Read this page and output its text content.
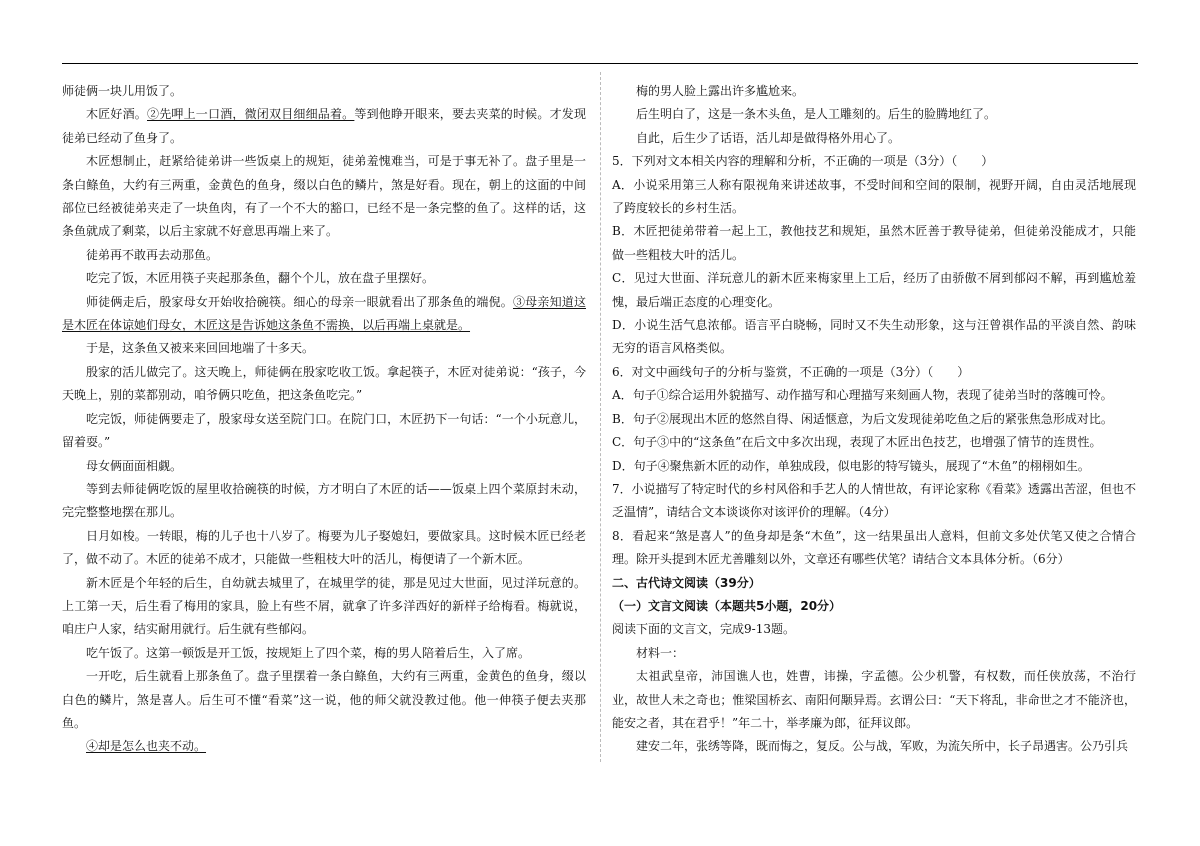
师徒俩一块儿用饭了。

木匠好酒。②先呷上一口酒，微闭双目细细品着。等到他睁开眼来，要去夹菜的时候。才发现徒弟已经动了鱼身了。

木匠想制止，赶紧给徒弟讲一些饭桌上的规矩，徒弟羞愧难当，可是于事无补了。盘子里是一条白鲦鱼，大约有三两重，金黄色的鱼身，缀以白色的鳞片，煞是好看。现在，朝上的这面的中间部位已经被徒弟夹走了一块鱼肉，有了一个不大的豁口，已经不是一条完整的鱼了。这样的话，这条鱼就成了剩菜，以后主家就不好意思再端上来了。

徒弟再不敢再去动那鱼。

吃完了饭，木匠用筷子夹起那条鱼，翻个个儿，放在盘子里摆好。

师徒俩走后，殷家母女开始收拾碗筷。细心的母亲一眼就看出了那条鱼的端倪。③母亲知道这是木匠在体谅她们母女，木匠这是告诉她这条鱼不需换，以后再端上桌就是。

于是，这条鱼又被来来回回地端了十多天。

殷家的活儿做完了。这天晚上，师徒俩在殷家吃收工饭。拿起筷子，木匠对徒弟说：“孩子，今天晚上，别的菜都别动，咱爷俩只吃鱼，把这条鱼吃完。”

吃完饭，师徒俩要走了，殷家母女送至院门口。在院门口，木匠扔下一句话：“一个小玩意儿，留着耍。”

母女俩面面相觑。

等到去师徒俩吃饭的屋里收拾碗筷的时候，方才明白了木匠的话——饭桌上四个菜原封未动，完完整整地摆在那儿。

日月如梭。一转眼，梅的儿子也十八岁了。梅要为儿子娶媳妇，要做家具。这时候木匠已经老了，做不动了。木匠的徒弟不成才，只能做一些粗枝大叶的活儿，梅便请了一个新木匠。

新木匠是个年轻的后生，自幼就去城里了，在城里学的徒，那是见过大世面，见过洋玩意的。上工第一天，后生看了梅用的家具，脸上有些不屑，就拿了许多洋西好的新样子给梅看。梅就说，咱庄户人家，结实耐用就行。后生就有些郁闷。

吃午饭了。这第一顿饭是开工饭，按规矩上了四个菜，梅的男人陪着后生，入了席。

一开吃，后生就看上那条鱼了。盘子里摆着一条白鲦鱼，大约有三两重，金黄色的鱼身，缀以白色的鳞片，煞是喜人。后生可不懂“看菜”这一说，他的师父就没教过他。他一伸筷子便去夹那鱼。

④却是怎么也夹不动。

梅的男人脸上露出许多尴尬来。

后生明白了，这是一条木头鱼，是人工雕刻的。后生的脸腾地红了。

自此，后生少了话语，活儿却是做得格外用心了。

5．下列对文本相关内容的理解和分析，不正确的一项是（3分）（　　）

A．小说采用第三人称有限视角来讲述故事，不受时间和空间的限制，视野开阔，自由灵活地展现了跨度较长的乡村生活。

B．木匠把徒弟带着一起上工，教他技艺和规矩，虽然木匠善于教导徒弟，但徒弟没能成才，只能做一些粗枝大叶的活儿。

C．见过大世面、洋玩意儿的新木匠来梅家里上工后，经历了由骄傲不屑到郁闷不解，再到尴尬羞愧，最后端正态度的心理变化。

D．小说生活气息浓郁。语言平白晓畅，同时又不失生动形象，这与汪曾祺作品的平淡自然、韵味无穷的语言风格类似。

6．对文中画线句子的分析与鉴赏，不正确的一项是（3分）（　　）

A．句子①综合运用外貌描写、动作描写和心理描写来刻画人物，表现了徒弟当时的落魄可怜。

B．句子②展现出木匠的悠然自得、闲适惬意，为后文发现徒弟吃鱼之后的紧张焦急形成对比。

C．句子③中的“这条鱼”在后文中多次出现，表现了木匠出色技艺，也增强了情节的连贯性。

D．句子④聚焦新木匠的动作，单独成段，似电影的特写镜头，展现了“木鱼”的栩栩如生。

7．小说描写了特定时代的乡村风俗和手艺人的人情世故，有评论家称《看菜》透露出苦涩，但也不乏温情”，请结合文本谈谈你对该评价的理解。（4分）

8．看起来“煞是喜人”的鱼身却是条“木鱼”，这一结果虽出人意料，但前文多处伏笔又使之合情合理。除开头提到木匠尤善雕刻以外，文章还有哪些伏笔？请结合文本具体分析。（6分）

二、古代诗文阅读（39分）

（一）文言文阅读（本题共5小题，20分）

阅读下面的文言文，完成9-13题。

材料一：

太祖武皇帝，沛国谯人也，姓曹，讳操，字孟德。公少机警，有权数，而任侠放荡，不治行业，故世人未之奇也；惟梁国桥玄、南阳何颙异焉。玄谓公曰：“天下将乱，非命世之才不能济也，能安之者，其在君乎！”年二十，举孝廉为郎，征拜议郎。

建安二年，张绣等降，既而悔之，复反。公与战，军败，为流矢所中，长子昂遇害。公乃引兵
